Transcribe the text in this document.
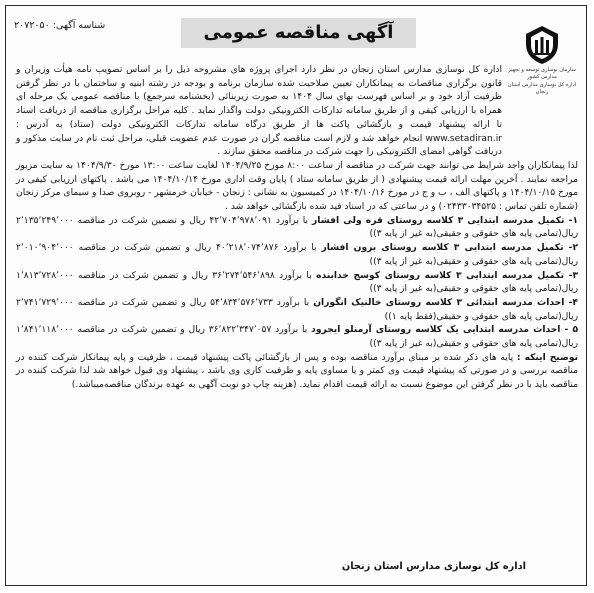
آگهی مناقصه عمومی
شناسه آگهی: ۲۰۷۲۰۵۰
سازمان نوسازی توسعه و تجهیز مدارس کشور
اداره کل نوسازی مدارس استان زنجان

اداره کل نوسازی مدارس استان زنجان در نظر دارد اجرای پروژه های مشروحه ذیل را بر اساس تصویب نامه هیأت وزیران و قانون برگزاری مناقصات به پیمانکاران تعیین صلاحیت شده سازمان برنامه و بودجه در رشته ابنیه و ساختمان با در نظر گرفتن ظرفیت آزاد خود و بر اساس فهرست بهای سال ۱۴۰۴ به صورت زیربنائی (بخشنامه سرجمع) با مناقصه عمومی یک مرحله ای همراه با ارزیابی کیفی و از طریق سامانه تدارکات الکترونیکی دولت واگذار نماید . کلیه مراحل برگزاری مناقصه از دریافت اسناد تا ارائه پیشنهاد قیمت و بازگشائی پاکت ها از طریق درگاه سامانه تدارکات الکترونیکی دولت (ستاد) به آدرس : www.setadiran.ir انجام خواهد شد و لازم است مناقصه گران در صورت عدم عضویت قبلی، مراحل ثبت نام در سایت مذکور و دریافت گواهی امضای الکترونیکی را جهت شرکت در مناقصه محقق سازند .

لذا پیمانکاران واجد شرایط می توانند جهت شرکت در مناقصه از ساعت ۸:۰۰ مورخ ۱۴۰۴/۹/۲۵ لغایت ساعت ۱۳:۰۰ مورخ ۱۴۰۴/۹/۳۰ به سایت مزبور مراجعه نمایند . آخرین مهلت ارائه قیمت پیشنهادی ( از طریق سامانه ستاد ) پایان وقت اداری مورخ ۱۴۰۴/۱۰/۱۴ می باشد . پاکتهای ارزیابی کیفی در مورخ ۱۴۰۴/۱۰/۱۵ و پاکتهای الف ، ب و ج در مورخ ۱۴۰۴/۱۰/۱۶ در کمیسیون به نشانی : زنجان - خیابان خرمشهر - روبروی صدا و سیمای مرکز زنجان (شماره تلفن تماس : ۰۲۴۳۳۰۳۴۵۲۵) و در ساعتی که در اسناد قید شده بازگشائی خواهد شد .

۱- تکمیل مدرسه ابتدایی ۳ کلاسه روستای قره ولی افشار با برآورد ۴۲٬۷۰۴٬۹۷۸٬۰۹۱ ریال و تضمین شرکت در مناقصه ۲٬۱۳۵٬۲۴۹٬۰۰۰ ریال(تمامی پایه های حقوقی و حقیقی(به غیر از پایه ۳))

۲- تکمیل مدرسه ابتدایی ۳ کلاسه روستای برون افشار با برآورد ۴۰٬۲۱۸٬۰۷۴٬۸۷۶ ریال و تضمین شرکت در مناقصه ۲٬۰۱۰٬۹۰۴٬۰۰۰ ریال(تمامی پایه های حقوقی و حقیقی(به غیر از پایه ۳))

۳- تکمیل مدرسه ابتدایی ۳ کلاسه روستای کوسج خدابنده با برآورد ۳۶٬۲۷۴٬۵۴۶٬۸۹۸ ریال و تضمین شرکت در مناقصه ۱٬۸۱۳٬۷۲۸٬۰۰۰ ریال(تمامی پایه های حقوقی و حقیقی(به غیر از پایه ۳))

۴- احداث مدرسه ابتدائی ۳ کلاسه روستای خالنیک انگوران با برآورد ۵۴٬۸۳۴٬۵۷۶٬۷۳۳ ریال و تضمین شرکت در مناقصه ۲٬۷۴۱٬۷۲۹٬۰۰۰ ریال(تمامی پایه های حقوقی و حقیقی(فقط پایه ۱))

۵ - احداث مدرسه ابتدایی یک کلاسه روستای آرمنلو ایجرود با برآورد ۳۶٬۸۲۲٬۳۴۷٬۰۵۷ ریال و تضمین شرکت در مناقصه ۱٬۸۴۱٬۱۱۸٬۰۰۰ ریال(تمامی پایه های حقوقی و حقیقی(به غیر از پایه ۳))

توضیح اینکه : پایه های ذکر شده بر مبنای برآورد مناقصه بوده و پس از بازگشائی پاکت پیشنهاد قیمت ، ظرفیت و پایه پیمانکار شرکت کننده در مناقصه بررسی و در صورتی که پیشنهاد قیمت وی کمتر و یا مساوی پایه و ظرفیت کاری وی باشد ، پیشنهاد وی قبول خواهد شد لذا شرکت کننده در مناقصه باید با در نظر گرفتن این موضوع نسبت به ارائه قیمت اقدام نماید. (هزینه چاپ دو نوبت آگهی به عهده برندگان مناقصه‌میباشد.)

اداره کل نوسازی مدارس استان زنجان
